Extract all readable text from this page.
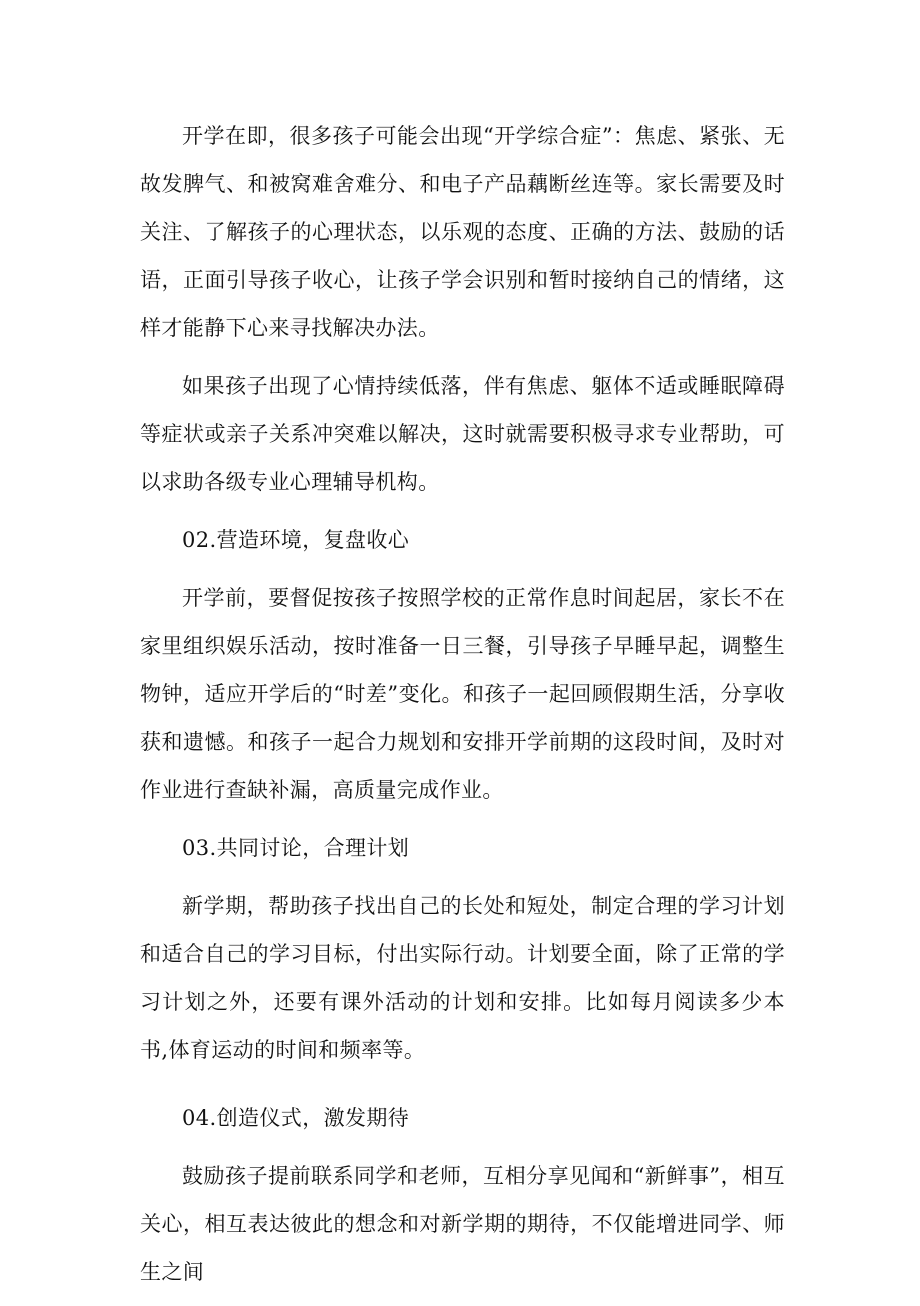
开学在即，很多孩子可能会出现“开学综合症”：焦虑、紧张、无故发脾气、和被窝难舍难分、和电子产品藕断丝连等。家长需要及时关注、了解孩子的心理状态，以乐观的态度、正确的方法、鼓励的话语，正面引导孩子收心，让孩子学会识别和暂时接纳自己的情绪，这样才能静下心来寻找解决办法。

如果孩子出现了心情持续低落，伴有焦虑、躯体不适或睡眠障碍等症状或亲子关系冲突难以解决，这时就需要积极寻求专业帮助，可以求助各级专业心理辅导机构。

02.营造环境，复盘收心

开学前，要督促按孩子按照学校的正常作息时间起居，家长不在家里组织娱乐活动，按时准备一日三餐，引导孩子早睡早起，调整生物钟，适应开学后的“时差”变化。和孩子一起回顾假期生活，分享收获和遗憾。和孩子一起合力规划和安排开学前期的这段时间，及时对作业进行查缺补漏，高质量完成作业。

03.共同讨论，合理计划

新学期，帮助孩子找出自己的长处和短处，制定合理的学习计划和适合自己的学习目标，付出实际行动。计划要全面，除了正常的学习计划之外，还要有课外活动的计划和安排。比如每月阅读多少本书,体育运动的时间和频率等。

04.创造仪式，激发期待

鼓励孩子提前联系同学和老师，互相分享见闻和“新鲜事”，相互关心，相互表达彼此的想念和对新学期的期待，不仅能增进同学、师生之间
